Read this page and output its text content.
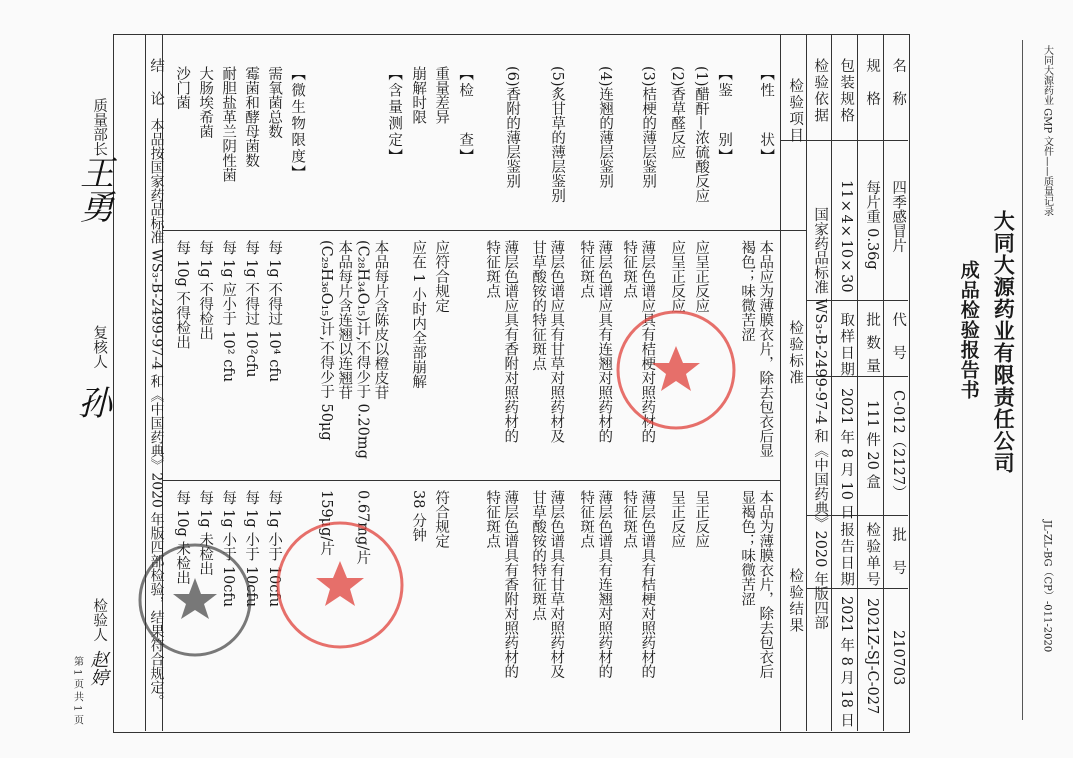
大同大源药业 GMP 文件——质量记录
JL-ZL-BG（CP）-011-2020
大同大源药业有限责任公司
成品检验报告书
名　称
四季感冒片
代　号
C-012（2127）
批　号
210703
规　格
每片重 0.36g
批 数 量
111 件 20 盒
检验单号
2021Z-SJ-C-027
包装规格
11×4×10×30
取样日期
2021 年 8 月 10 日
报告日期
2021 年 8 月 18 日
检验依据
国家药品标准 WS₃-B-2499-97-4 和《中国药典》2020 年版四部
检验项目
检验标准
检验结果
【性　　状】
【鉴　　别】
(1)醋酐—浓硫酸反应
(2)香草醛反应
(3)桔梗的薄层鉴别
(4)连翘的薄层鉴别
(5)炙甘草的薄层鉴别
(6)香附的薄层鉴别
【检　　查】
重量差异
崩解时限
【含量测定】
【微生物限度】
需氧菌总数
霉菌和酵母菌数
耐胆盐革兰阴性菌
大肠埃希菌
沙门菌
本品应为薄膜衣片，除去包衣后显
褐色；味微苦涩
应呈正反应
应呈正反应
薄层色谱应具有桔梗对照药材的
特征斑点
薄层色谱应具有连翘对照药材的
特征斑点
薄层色谱应具有甘草对照药材及
甘草酸铵的特征斑点
薄层色谱应具有香附对照药材的
特征斑点
应符合规定
应在 1 小时内全部崩解
本品每片含陈皮以橙皮苷
(C₂₈H₃₄O₁₅)计,不得少于 0.20mg
本品每片含连翘以连翘苷
(C₂₉H₃₆O₁₅)计,不得少于 50μg
每 1g 不得过 10⁴ cfu
每 1g 不得过 10²cfu
每 1g 应小于 10² cfu
每 1g 不得检出
每 10g 不得检出
本品为薄膜衣片，除去包衣后
显褐色；味微苦涩
呈正反应
呈正反应
薄层色谱具有桔梗对照药材的
特征斑点
薄层色谱具有连翘对照药材的
特征斑点
薄层色谱具有甘草对照药材及
甘草酸铵的特征斑点
薄层色谱具有香附对照药材的
特征斑点
符合规定
38 分钟
0.67mg/片

159μg/片
每 1g 小于 10cfu
每 1g 小于 10cfu
每 1g 小于 10cfu
每 1g 未检出
每 10g 未检出
结　论
本品按国家药品标准 WS₃-B-2499-97-4 和《中国药典》2020 年版四部检验，结果符合规定。
质量部长
王勇
复核人
孙
检验人
赵婷
第 1 页 共 1 页
